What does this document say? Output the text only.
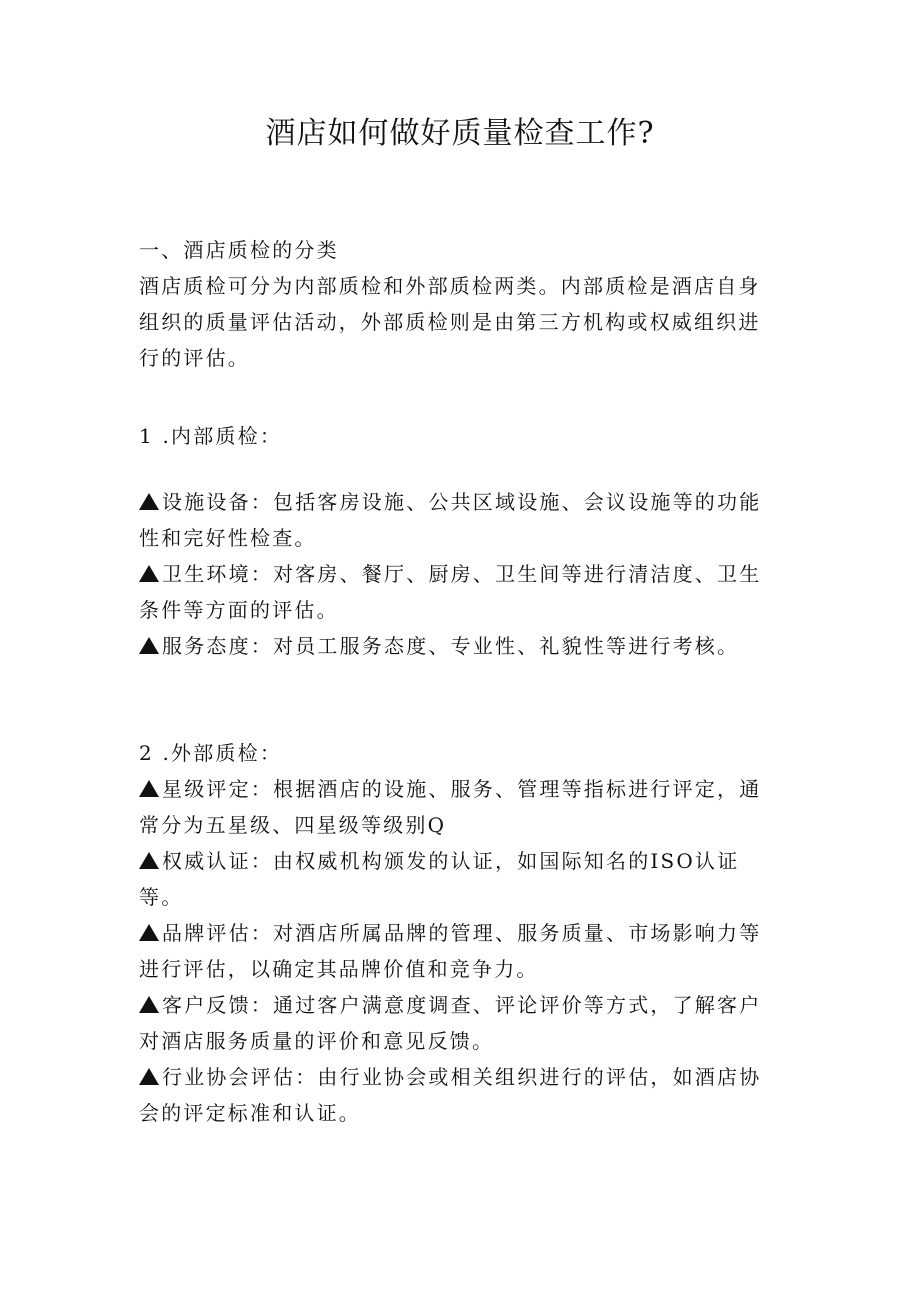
酒店如何做好质量检查工作?
一、酒店质检的分类
酒店质检可分为内部质检和外部质检两类。内部质检是酒店自身
组织的质量评估活动，外部质检则是由第三方机构或权威组织进
行的评估。
1 .内部质检：
设施设备：包括客房设施、公共区域设施、会议设施等的功能
性和完好性检查。
卫生环境：对客房、餐厅、厨房、卫生间等进行清洁度、卫生
条件等方面的评估。
服务态度：对员工服务态度、专业性、礼貌性等进行考核。
2 .外部质检：
星级评定：根据酒店的设施、服务、管理等指标进行评定，通
常分为五星级、四星级等级别Q
权威认证：由权威机构颁发的认证，如国际知名的ISO认证
等。
品牌评估：对酒店所属品牌的管理、服务质量、市场影响力等
进行评估，以确定其品牌价值和竞争力。
客户反馈：通过客户满意度调查、评论评价等方式，了解客户
对酒店服务质量的评价和意见反馈。
行业协会评估：由行业协会或相关组织进行的评估，如酒店协
会的评定标准和认证。
